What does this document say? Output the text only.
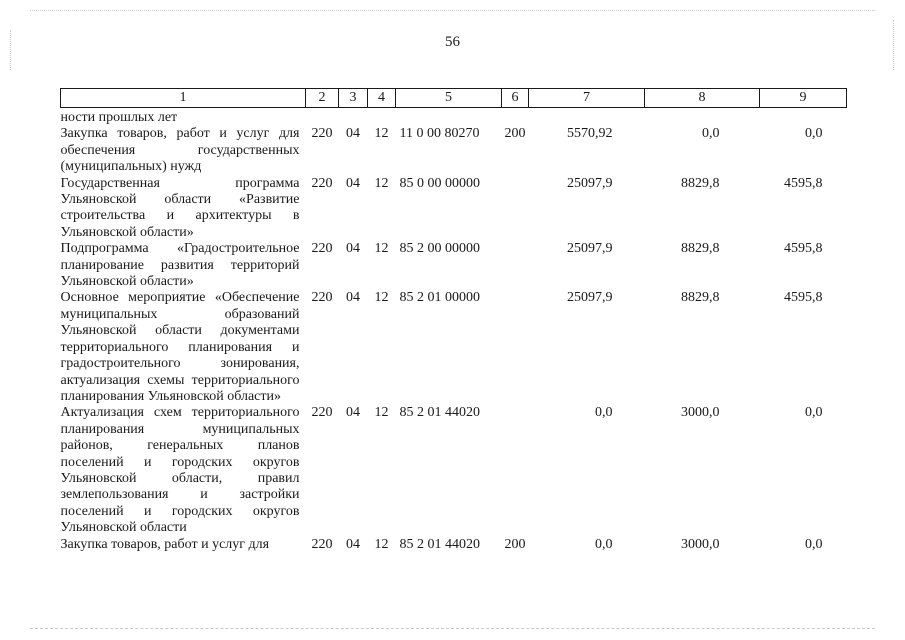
56
1	2	3	4	5	6	7	8	9
ности прошлых лет								
Закупка товаров, работ и услуг для обеспечения государственных (муниципальных) нужд	220	04	12	11 0 00 80270	200	5570,92	0,0	0,0
Государственная программа Ульяновской области «Развитие строительства и архитектуры в Ульяновской области»	220	04	12	85 0 00 00000		25097,9	8829,8	4595,8
Подпрограмма «Градостроительное планирование развития территорий Ульяновской области»	220	04	12	85 2 00 00000		25097,9	8829,8	4595,8
Основное мероприятие «Обеспечение муниципальных образований Ульяновской области документами территориального планирования и градостроительного зонирования, актуализация схемы территориального планирования Ульяновской области»	220	04	12	85 2 01 00000		25097,9	8829,8	4595,8
Актуализация схем территориального планирования муниципальных районов, генеральных планов поселений и городских округов Ульяновской области, правил землепользования и застройки поселений и городских округов Ульяновской области	220	04	12	85 2 01 44020		0,0	3000,0	0,0
Закупка товаров, работ и услуг для	220	04	12	85 2 01 44020	200	0,0	3000,0	0,0
